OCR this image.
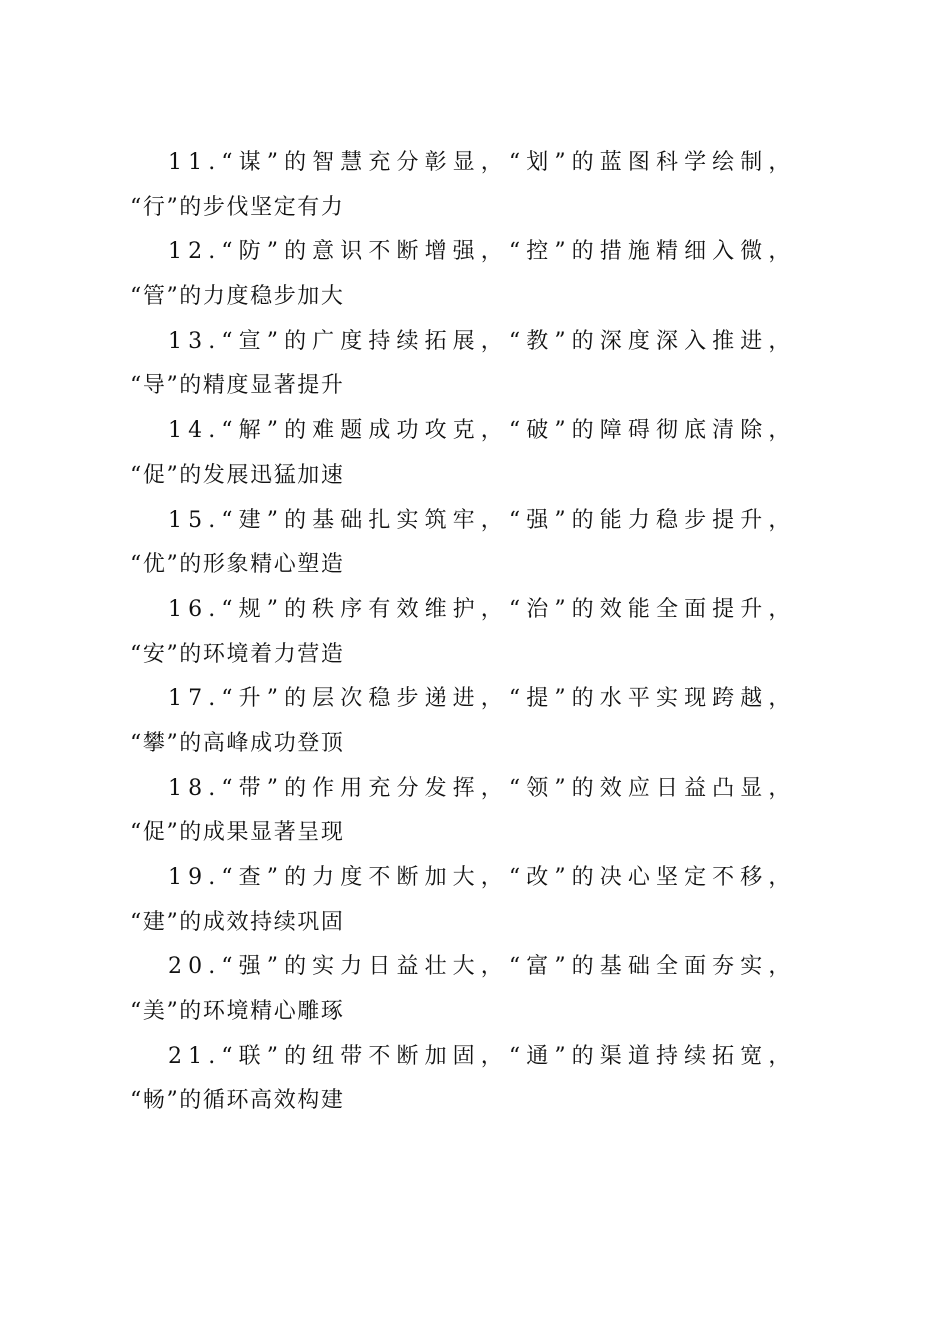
11.“谋”的智慧充分彰显，“划”的蓝图科学绘制，
“行”的步伐坚定有力
12.“防”的意识不断增强，“控”的措施精细入微，
“管”的力度稳步加大
13.“宣”的广度持续拓展，“教”的深度深入推进，
“导”的精度显著提升
14.“解”的难题成功攻克，“破”的障碍彻底清除，
“促”的发展迅猛加速
15.“建”的基础扎实筑牢，“强”的能力稳步提升，
“优”的形象精心塑造
16.“规”的秩序有效维护，“治”的效能全面提升，
“安”的环境着力营造
17.“升”的层次稳步递进，“提”的水平实现跨越，
“攀”的高峰成功登顶
18.“带”的作用充分发挥，“领”的效应日益凸显，
“促”的成果显著呈现
19.“查”的力度不断加大，“改”的决心坚定不移，
“建”的成效持续巩固
20.“强”的实力日益壮大，“富”的基础全面夯实，
“美”的环境精心雕琢
21.“联”的纽带不断加固，“通”的渠道持续拓宽，
“畅”的循环高效构建
